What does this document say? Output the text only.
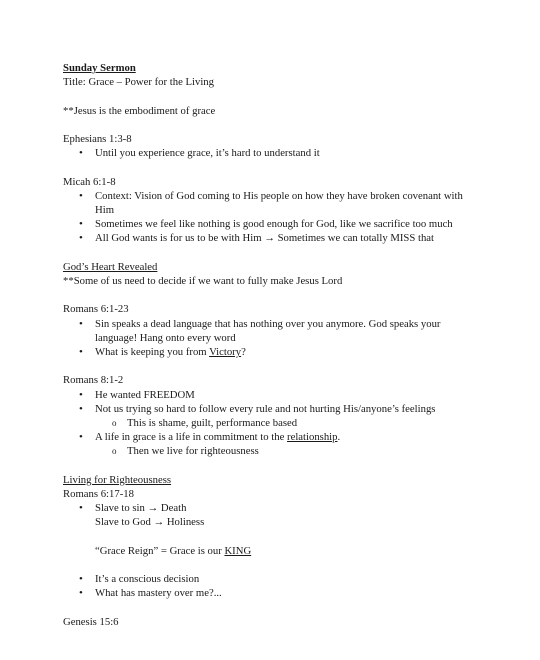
Sunday Sermon
Title: Grace – Power for the Living
**Jesus is the embodiment of grace
Ephesians 1:3-8
• Until you experience grace, it’s hard to understand it
Micah 6:1-8
• Context: Vision of God coming to His people on how they have broken covenant with Him
• Sometimes we feel like nothing is good enough for God, like we sacrifice too much
• All God wants is for us to be with Him → Sometimes we can totally MISS that
God’s Heart Revealed
**Some of us need to decide if we want to fully make Jesus Lord
Romans 6:1-23
• Sin speaks a dead language that has nothing over you anymore. God speaks your language! Hang onto every word
• What is keeping you from Victory?
Romans 8:1-2
• He wanted FREEDOM
• Not us trying so hard to follow every rule and not hurting His/anyone’s feelings
o This is shame, guilt, performance based
• A life in grace is a life in commitment to the relationship.
o Then we live for righteousness
Living for Righteousness
Romans 6:17-18
• Slave to sin → Death
Slave to God → Holiness
“Grace Reign” = Grace is our KING
• It’s a conscious decision
• What has mastery over me?...
Genesis 15:6
